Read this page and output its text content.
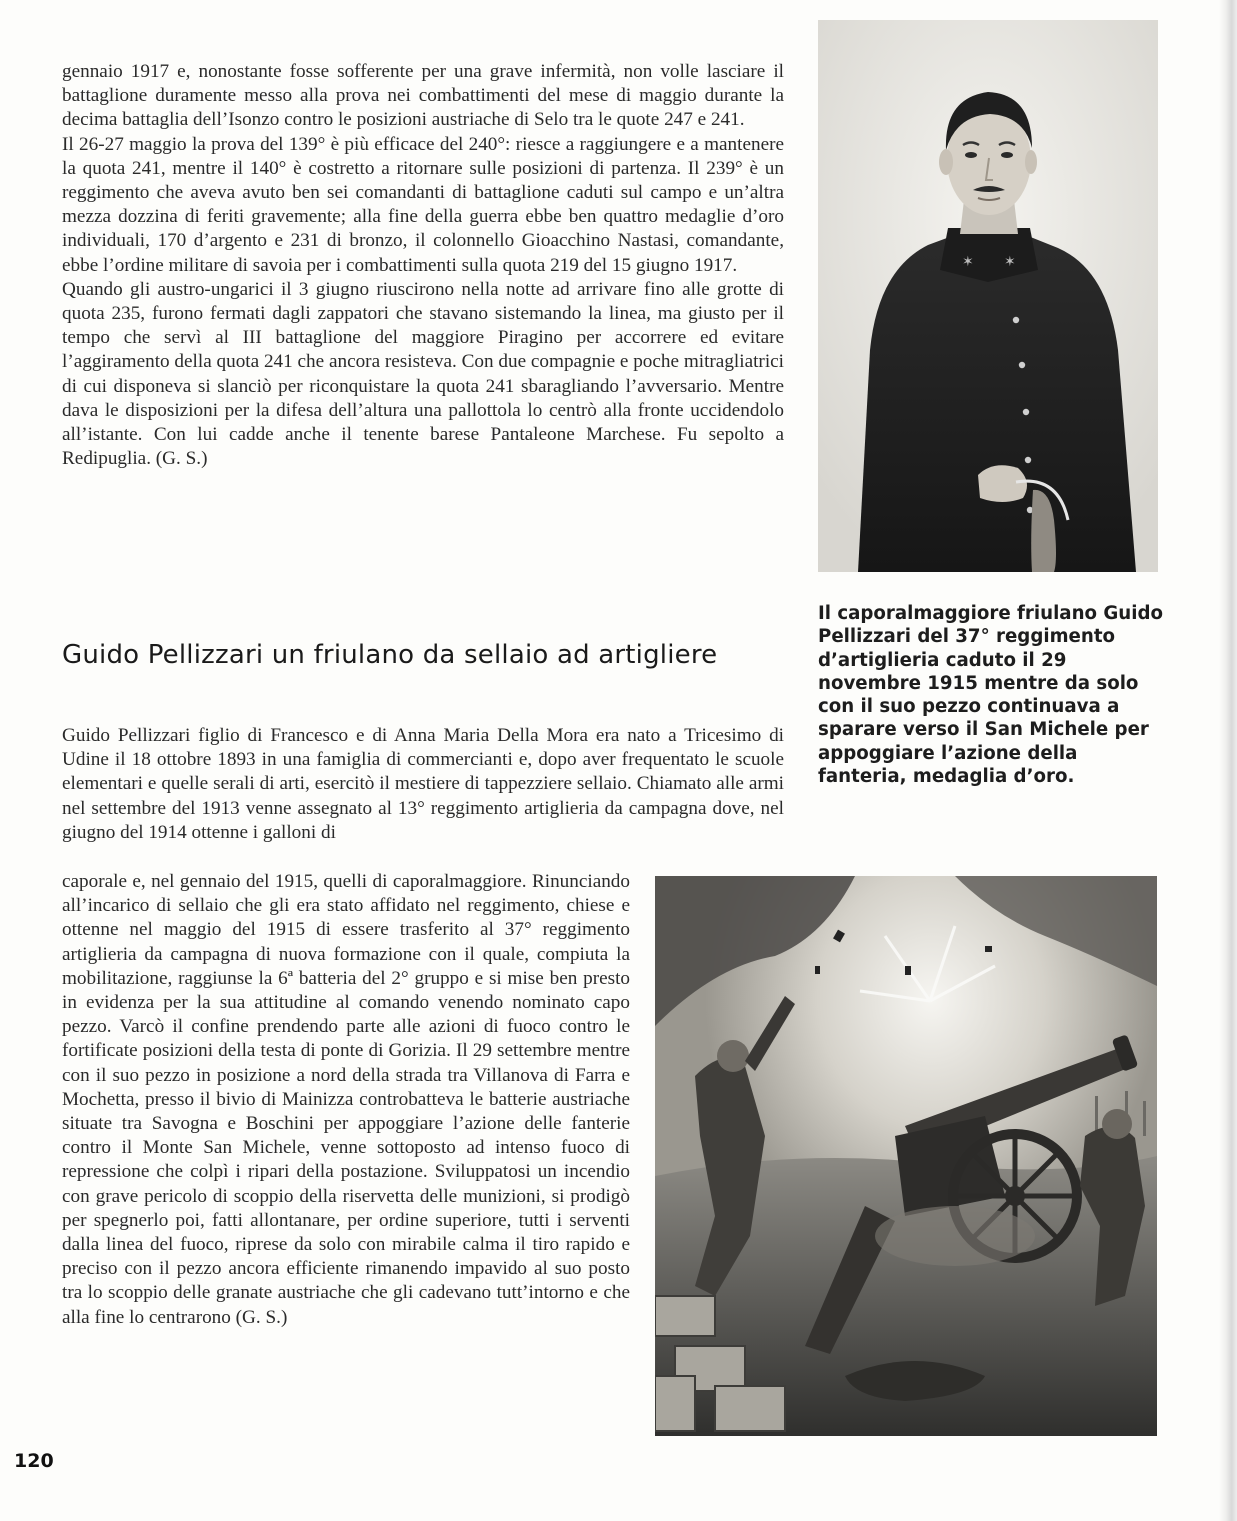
gennaio 1917 e, nonostante fosse sofferente per una grave infermità, non volle lasciare il battaglione duramente messo alla prova nei combattimenti del mese di maggio durante la decima battaglia dell’Isonzo contro le posizioni austriache di Selo tra le quote 247 e 241.

Il 26-27 maggio la prova del 139° è più efficace del 240°: riesce a raggiungere e a mantenere la quota 241, mentre il 140° è costretto a ritornare sulle posizioni di partenza. Il 239° è un reggimento che aveva avuto ben sei comandanti di battaglione caduti sul campo e un’altra mezza dozzina di feriti gravemente; alla fine della guerra ebbe ben quattro medaglie d’oro individuali, 170 d’argento e 231 di bronzo, il colonnello Gioacchino Nastasi, comandante, ebbe l’ordine militare di savoia per i combattimenti sulla quota 219 del 15 giugno 1917.

Quando gli austro-ungarici il 3 giugno riuscirono nella notte ad arrivare fino alle grotte di quota 235, furono fermati dagli zappatori che stavano sistemando la linea, ma giusto per il tempo che servì al III battaglione del maggiore Piragino per accorrere ed evitare l’aggiramento della quota 241 che ancora resisteva. Con due compagnie e poche mitragliatrici di cui disponeva si slanciò per riconquistare la quota 241 sbaragliando l’avversario. Mentre dava le disposizioni per la difesa dell’altura una pallottola lo centrò alla fronte uccidendolo all’istante. Con lui cadde anche il tenente barese Pantaleone Marchese. Fu sepolto a Redipuglia. (G. S.)

✶ ✶

Il caporalmaggiore friulano Guido Pellizzari del 37° reggimento d’artiglieria caduto il 29 novembre 1915 mentre da solo con il suo pezzo continuava a sparare verso il San Michele per appoggiare l’azione della fanteria, medaglia d’oro.

Guido Pellizzari un friulano da sellaio ad artigliere

Guido Pellizzari figlio di Francesco e di Anna Maria Della Mora era nato a Tricesimo di Udine il 18 ottobre 1893 in una famiglia di commercianti e, dopo aver frequentato le scuole elementari e quelle serali di arti, esercitò il mestiere di tappezziere sellaio. Chiamato alle armi nel settembre del 1913 venne assegnato al 13° reggimento artiglieria da campagna dove, nel giugno del 1914 ottenne i galloni di

caporale e, nel gennaio del 1915, quelli di caporalmaggiore. Rinunciando all’incarico di sellaio che gli era stato affidato nel reggimento, chiese e ottenne nel maggio del 1915 di essere trasferito al 37° reggimento artiglieria da campagna di nuova formazione con il quale, compiuta la mobilitazione, raggiunse la 6ª batteria del 2° gruppo e si mise ben presto in evidenza per la sua attitudine al comando venendo nominato capo pezzo. Varcò il confine prendendo parte alle azioni di fuoco contro le fortificate posizioni della testa di ponte di Gorizia. Il 29 settembre mentre con il suo pezzo in posizione a nord della strada tra Villanova di Farra e Mochetta, presso il bivio di Mainizza controbatteva le batterie austriache situate tra Savogna e Boschini per appoggiare l’azione delle fanterie contro il Monte San Michele, venne sottoposto ad intenso fuoco di repressione che colpì i ripari della postazione. Sviluppatosi un incendio con grave pericolo di scoppio della riservetta delle munizioni, si prodigò per spegnerlo poi, fatti allontanare, per ordine superiore, tutti i serventi dalla linea del fuoco, riprese da solo con mirabile calma il tiro rapido e preciso con il pezzo ancora efficiente rimanendo impavido al suo posto tra lo scoppio delle granate austriache che gli cadevano tutt’intorno e che alla fine lo centrarono (G. S.)

120
